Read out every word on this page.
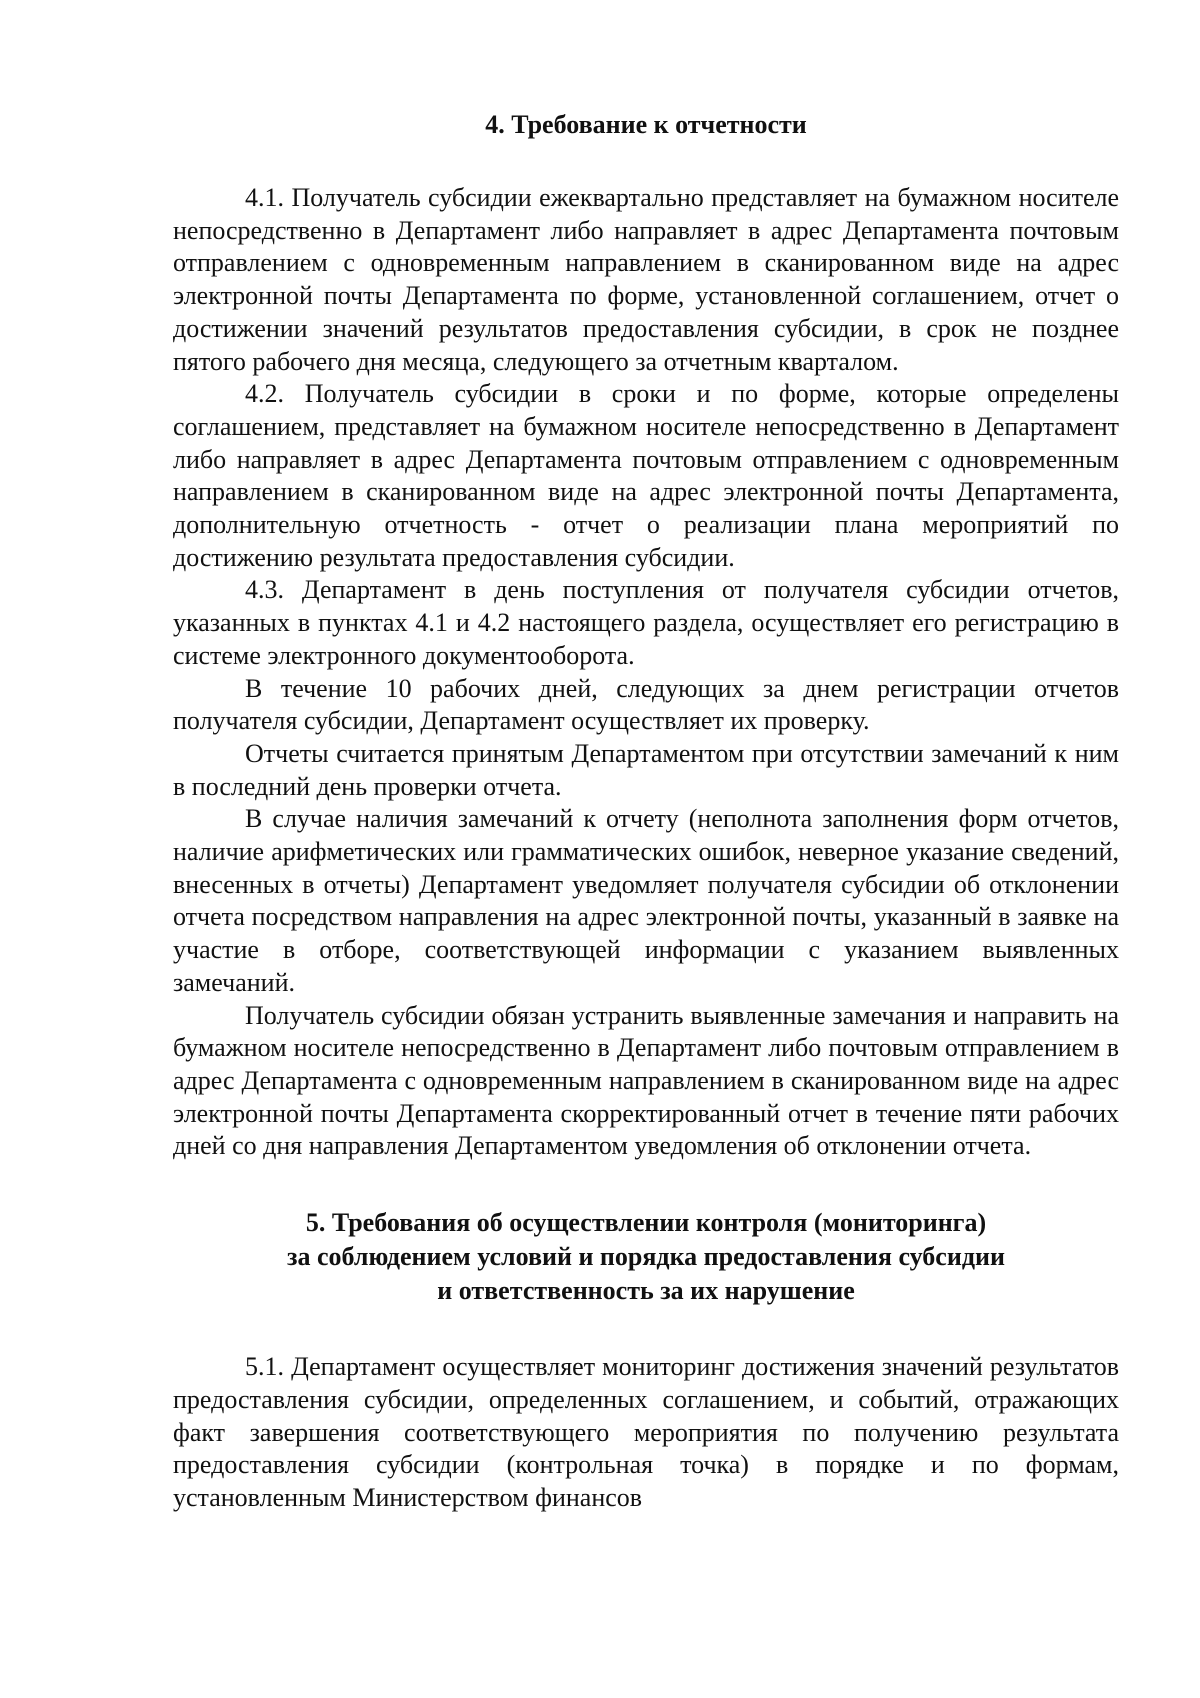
4. Требование к отчетности

4.1. Получатель субсидии ежеквартально представляет на бумажном носителе непосредственно в Департамент либо направляет в адрес Департамента почтовым отправлением с одновременным направлением в сканированном виде на адрес электронной почты Департамента по форме, установленной соглашением, отчет о достижении значений результатов предоставления субсидии, в срок не позднее пятого рабочего дня месяца, следующего за отчетным кварталом.

4.2. Получатель субсидии в сроки и по форме, которые определены соглашением, представляет на бумажном носителе непосредственно в Департамент либо направляет в адрес Департамента почтовым отправлением с одновременным направлением в сканированном виде на адрес электронной почты Департамента, дополнительную отчетность - отчет о реализации плана мероприятий по достижению результата предоставления субсидии.

4.3. Департамент в день поступления от получателя субсидии отчетов, указанных в пунктах 4.1 и 4.2 настоящего раздела, осуществляет его регистрацию в системе электронного документооборота.

В течение 10 рабочих дней, следующих за днем регистрации отчетов получателя субсидии, Департамент осуществляет их проверку.

Отчеты считается принятым Департаментом при отсутствии замечаний к ним в последний день проверки отчета.

В случае наличия замечаний к отчету (неполнота заполнения форм отчетов, наличие арифметических или грамматических ошибок, неверное указание сведений, внесенных в отчеты) Департамент уведомляет получателя субсидии об отклонении отчета посредством направления на адрес электронной почты, указанный в заявке на участие в отборе, соответствующей информации с указанием выявленных замечаний.

Получатель субсидии обязан устранить выявленные замечания и направить на бумажном носителе непосредственно в Департамент либо почтовым отправлением в адрес Департамента с одновременным направлением в сканированном виде на адрес электронной почты Департамента скорректированный отчет в течение пяти рабочих дней со дня направления Департаментом уведомления об отклонении отчета.

5. Требования об осуществлении контроля (мониторинга)
за соблюдением условий и порядка предоставления субсидии
и ответственность за их нарушение

5.1. Департамент осуществляет мониторинг достижения значений результатов предоставления субсидии, определенных соглашением, и событий, отражающих факт завершения соответствующего мероприятия по получению результата предоставления субсидии (контрольная точка) в порядке и по формам, установленным Министерством финансов
